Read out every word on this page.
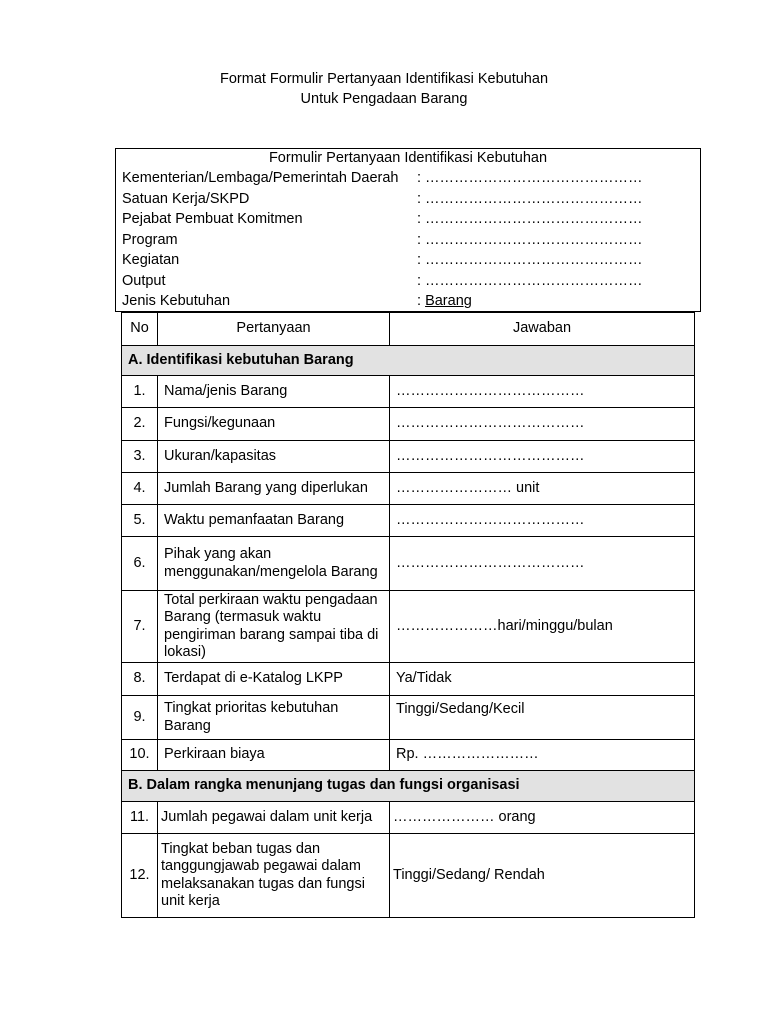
Format Formulir Pertanyaan Identifikasi Kebutuhan
Untuk Pengadaan Barang
Formulir Pertanyaan Identifikasi Kebutuhan
Kementerian/Lembaga/Pemerintah Daerah : ………………………………………
Satuan Kerja/SKPD	: ………………………………………
Pejabat Pembuat Komitmen	: ………………………………………
Program	: ………………………………………
Kegiatan	: ………………………………………
Output	: ………………………………………
Jenis Kebutuhan	: Barang
No	Pertanyaan	Jawaban
A. Identifikasi kebutuhan Barang		
1.	Nama/jenis Barang	…………………………………
2.	Fungsi/kegunaan	…………………………………
3.	Ukuran/kapasitas	…………………………………
4.	Jumlah Barang yang diperlukan	…………………… unit
5.	Waktu pemanfaatan Barang	…………………………………
6.	Pihak yang akan menggunakan/mengelola Barang	…………………………………
7.	Total perkiraan waktu pengadaan Barang (termasuk waktu pengiriman barang sampai tiba di lokasi)	…………………hari/minggu/bulan
8.	Terdapat di e-Katalog LKPP	Ya/Tidak
9.	Tingkat prioritas kebutuhan Barang	Tinggi/Sedang/Kecil
10.	Perkiraan biaya	Rp. ……………………
B. Dalam rangka menunjang tugas dan fungsi organisasi		
11.	Jumlah pegawai dalam unit kerja	………………… orang
12.	Tingkat beban tugas dan tanggungjawab pegawai dalam melaksanakan tugas dan fungsi unit kerja	Tinggi/Sedang/ Rendah
